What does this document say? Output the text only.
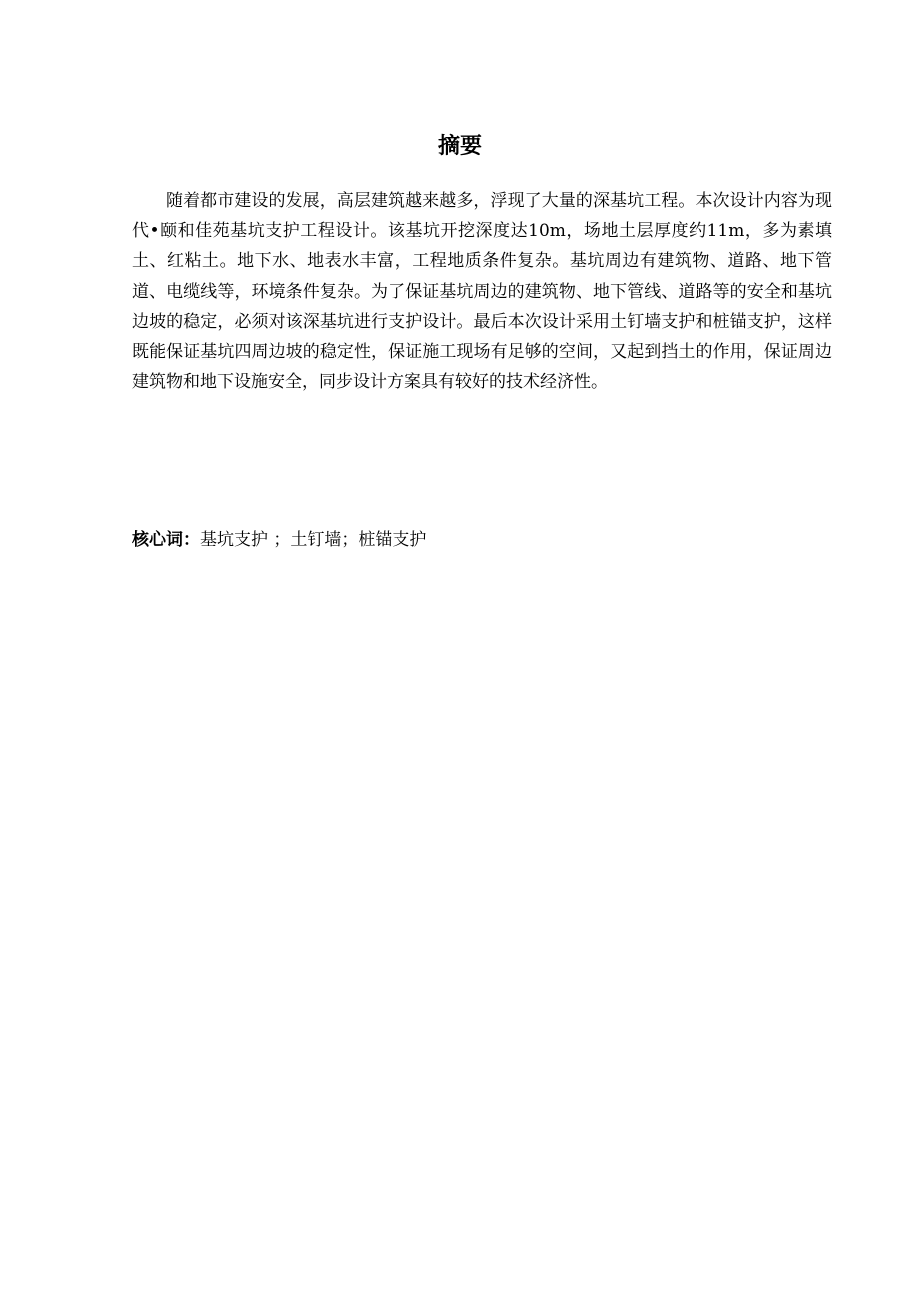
摘要

随着都市建设的发展，高层建筑越来越多，浮现了大量的深基坑工程。本次设计内容为现代•颐和佳苑基坑支护工程设计。该基坑开挖深度达10m，场地土层厚度约11m，多为素填土、红粘土。地下水、地表水丰富，工程地质条件复杂。基坑周边有建筑物、道路、地下管道、电缆线等，环境条件复杂。为了保证基坑周边的建筑物、地下管线、道路等的安全和基坑边坡的稳定，必须对该深基坑进行支护设计。最后本次设计采用土钉墙支护和桩锚支护，这样既能保证基坑四周边坡的稳定性，保证施工现场有足够的空间，又起到挡土的作用，保证周边建筑物和地下设施安全，同步设计方案具有较好的技术经济性。

核心词：基坑支护 ；土钉墙；桩锚支护
